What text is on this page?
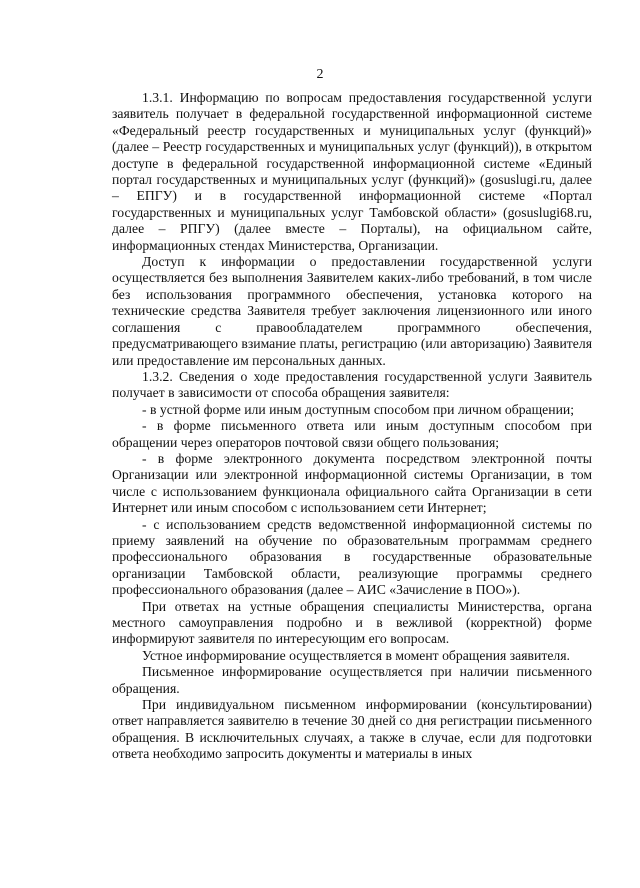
2

1.3.1. Информацию по вопросам предоставления государственной услуги заявитель получает в федеральной государственной информационной системе «Федеральный реестр государственных и муниципальных услуг (функций)» (далее – Реестр государственных и муниципальных услуг (функций)), в открытом доступе в федеральной государственной информационной системе «Единый портал государственных и муниципальных услуг (функций)» (gosuslugi.ru, далее – ЕПГУ) и в государственной информационной системе «Портал государственных и муниципальных услуг Тамбовской области» (gosuslugi68.ru, далее – РПГУ) (далее вместе – Порталы), на официальном сайте, информационных стендах Министерства, Организации.

Доступ к информации о предоставлении государственной услуги осуществляется без выполнения Заявителем каких-либо требований, в том числе без использования программного обеспечения, установка которого на технические средства Заявителя требует заключения лицензионного или иного соглашения с правообладателем программного обеспечения, предусматривающего взимание платы, регистрацию (или авторизацию) Заявителя или предоставление им персональных данных.

1.3.2. Сведения о ходе предоставления государственной услуги Заявитель получает в зависимости от способа обращения заявителя:

- в устной форме или иным доступным способом при личном обращении;

- в форме письменного ответа или иным доступным способом при обращении через операторов почтовой связи общего пользования;

- в форме электронного документа посредством электронной почты Организации или электронной информационной системы Организации, в том числе с использованием функционала официального сайта Организации в сети Интернет или иным способом с использованием сети Интернет;

- с использованием средств ведомственной информационной системы по приему заявлений на обучение по образовательным программам среднего профессионального образования в государственные образовательные организации Тамбовской области, реализующие программы среднего профессионального образования (далее – АИС «Зачисление в ПОО»).

При ответах на устные обращения специалисты Министерства, органа местного самоуправления подробно и в вежливой (корректной) форме информируют заявителя по интересующим его вопросам.

Устное информирование осуществляется в момент обращения заявителя.

Письменное информирование осуществляется при наличии письменного обращения.

При индивидуальном письменном информировании (консультировании) ответ направляется заявителю в течение 30 дней со дня регистрации письменного обращения. В исключительных случаях, а также в случае, если для подготовки ответа необходимо запросить документы и материалы в иных
